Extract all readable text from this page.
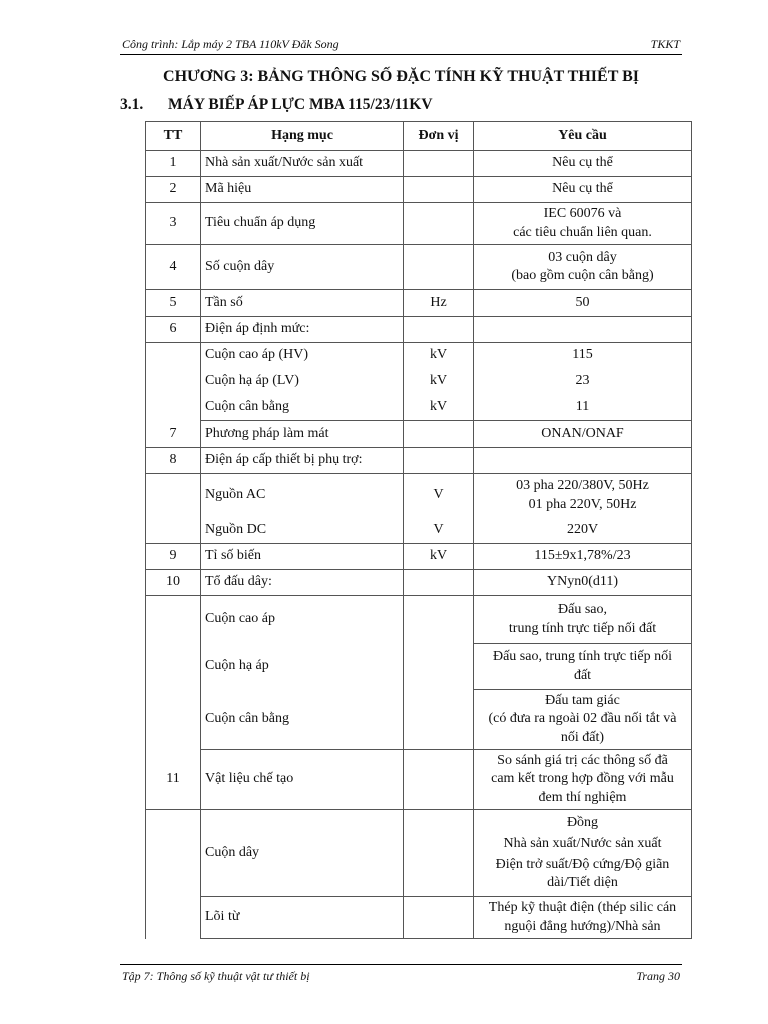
Công trình: Lắp máy 2 TBA 110kV Đăk Song	TKKT
CHƯƠNG 3: BẢNG THÔNG SỐ ĐẶC TÍNH KỸ THUẬT THIẾT BỊ
3.1. MÁY BIẾP ÁP LỰC MBA 115/23/11KV
TT	Hạng mục	Đơn vị	Yêu cầu
1	Nhà sản xuất/Nước sản xuất		Nêu cụ thể
2	Mã hiệu		Nêu cụ thể
3	Tiêu chuẩn áp dụng		IEC 60076 và
các tiêu chuẩn liên quan.

4	Số cuộn dây		03 cuộn dây
(bao gồm cuộn cân bằng)

5	Tần số	Hz	50
6	Điện áp định mức:		
	Cuộn cao áp (HV)	kV	115
	Cuộn hạ áp (LV)	kV	23
	Cuộn cân bằng	kV	11
7	Phương pháp làm mát		ONAN/ONAF
8	Điện áp cấp thiết bị phụ trợ:		
	Nguồn AC	V	03 pha 220/380V, 50Hz
01 pha 220V, 50Hz

	Nguồn DC	V	220V
9	Tỉ số biến	kV	115±9x1,78%/23
10	Tổ đấu dây:		YNyn0(d11)
	Cuộn cao áp		Đấu sao,
trung tính trực tiếp nối đất

	Cuộn hạ áp		Đấu sao, trung tính trực tiếp nối
đất

	Cuộn cân bằng		Đấu tam giác
(có đưa ra ngoài 02 đầu nối tắt và
nối đất)

11	Vật liệu chế tạo		So sánh giá trị các thông số đã
cam kết trong hợp đồng với mẫu
đem thí nghiệm

	Cuộn dây		Đồng
Nhà sản xuất/Nước sản xuất
Điện trở suất/Độ cứng/Độ giãn
dài/Tiết diện

	Lõi từ		Thép kỹ thuật điện (thép silic cán
nguội đẳng hướng)/Nhà sản
Tập 7: Thông số kỹ thuật vật tư thiết bị	Trang 30
